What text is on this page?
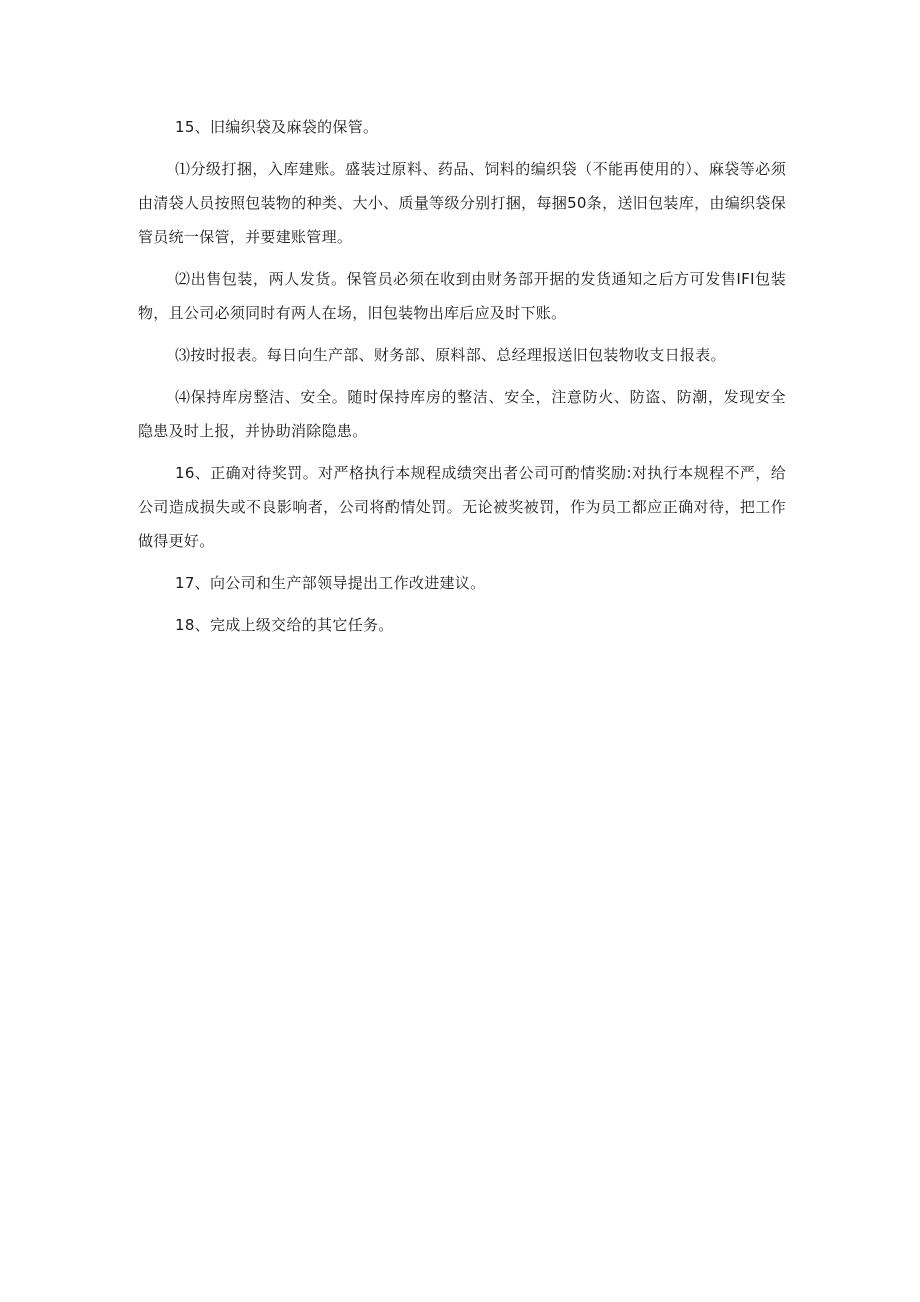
15、旧编织袋及麻袋的保管。

⑴分级打捆，入库建账。盛装过原料、药品、饲料的编织袋（不能再使用的）、麻袋等必须由清袋人员按照包装物的种类、大小、质量等级分别打捆，每捆50条，送旧包装库，由编织袋保管员统一保管，并要建账管理。

⑵出售包装，两人发货。保管员必须在收到由财务部开据的发货通知之后方可发售IFI包装物，且公司必须同时有两人在场，旧包装物出库后应及时下账。

⑶按时报表。每日向生产部、财务部、原料部、总经理报送旧包装物收支日报表。

⑷保持库房整洁、安全。随时保持库房的整洁、安全，注意防火、防盗、防潮，发现安全隐患及时上报，并协助消除隐患。

16、正确对待奖罚。对严格执行本规程成绩突出者公司可酌情奖励:对执行本规程不严，给公司造成损失或不良影响者，公司将酌情处罚。无论被奖被罚，作为员工都应正确对待，把工作做得更好。

17、向公司和生产部领导提出工作改进建议。

18、完成上级交给的其它任务。
